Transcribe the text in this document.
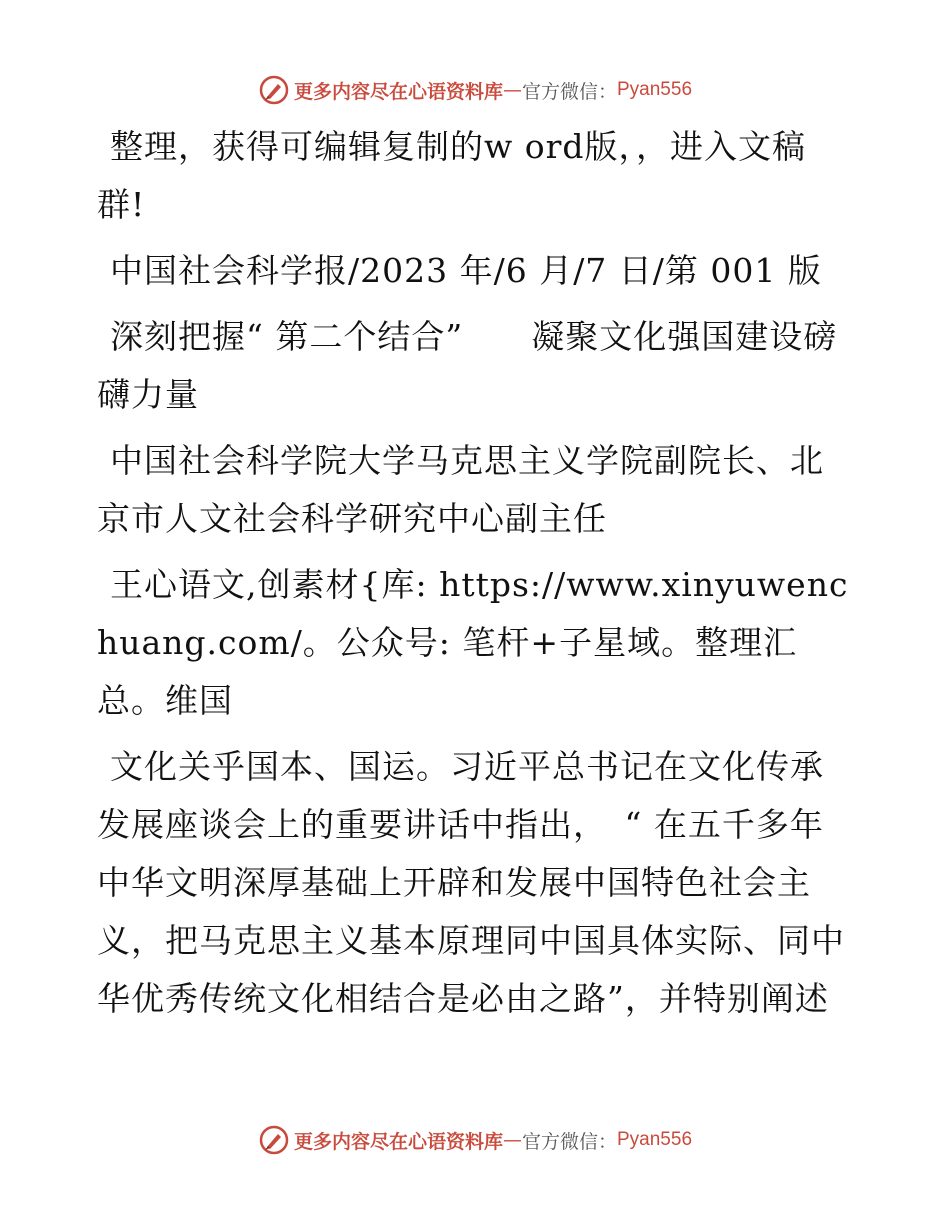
更多内容尽在心语资料库 — 官方微信： Pyan556

整理，获得可编辑复制的w ord版，，进入文稿群!

中国社会科学报/2023 年/6 月/7 日/第 001 版

深刻把握“ 第二个结合”　　凝聚文化强国建设磅礴力量

中国社会科学院大学马克思主义学院副院长、北京市人文社会科学研究中心副主任

王心语文,创素材{库: https://www.xinyuwenchuang.com/。公众号: 笔杆+子星域。整理汇总。维国

文化关乎国本、国运。习近平总书记在文化传承发展座谈会上的重要讲话中指出，　“ 在五千多年中华文明深厚基础上开辟和发展中国特色社会主义，把马克思主义基本原理同中国具体实际、同中华优秀传统文化相结合是必由之路”，并特别阐述

更多内容尽在心语资料库 — 官方微信： Pyan556
